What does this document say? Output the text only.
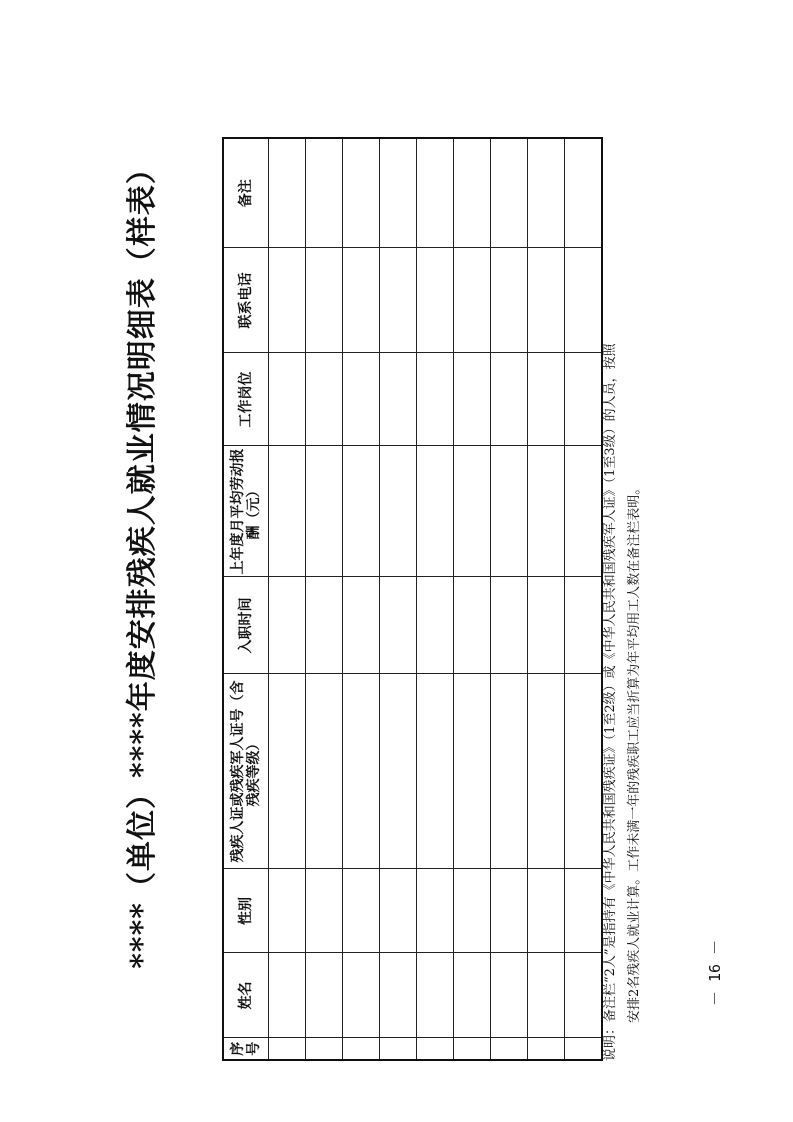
****（单位）****年度安排残疾人就业情况明细表（样表）
序号	姓名	性别	残疾人证或残疾军人证号（含残疾等级）	入职时间	上年度月平均劳动报酬（元）	工作岗位	联系电话	备注

说明：备注栏“2人”是指持有《中华人民共和国残疾证》（1至2级）或《中华人民共和国残疾军人证》（1至3级）的人员，按照 安排2名残疾人就业计算。工作未满一年的残疾职工应当折算为年平均用工人数在备注栏表明。	－ 16 －
